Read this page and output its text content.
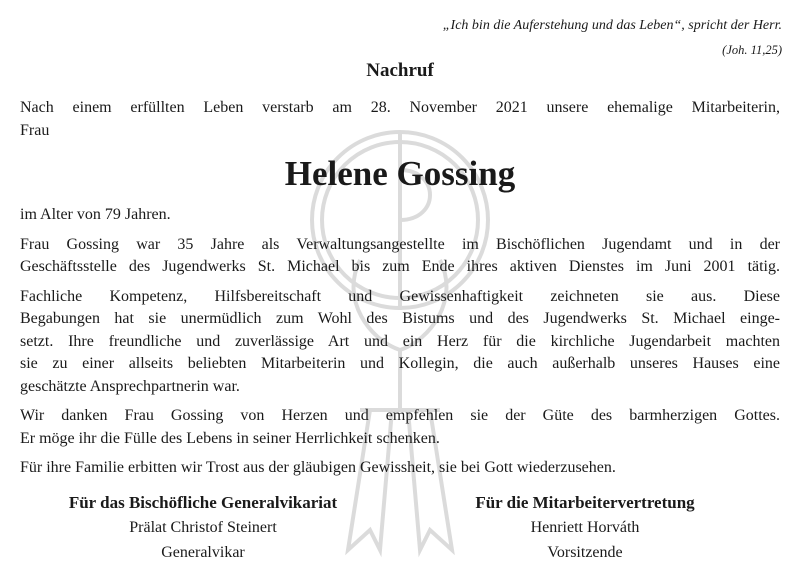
„Ich bin die Auferstehung und das Leben“, spricht der Herr.
(Joh. 11,25)
Nachruf
Nach einem erfüllten Leben verstarb am 28. November 2021 unsere ehemalige Mitarbeiterin,
Frau
Helene Gossing
im Alter von 79 Jahren.
Frau Gossing war 35 Jahre als Verwaltungsangestellte im Bischöflichen Jugendamt und in der
Geschäftsstelle des Jugendwerks St. Michael bis zum Ende ihres aktiven Dienstes im Juni 2001 tätig.
Fachliche Kompetenz, Hilfsbereitschaft und Gewissenhaftigkeit zeichneten sie aus. Diese
Begabungen hat sie unermüdlich zum Wohl des Bistums und des Jugendwerks St. Michael einge-
setzt. Ihre freundliche und zuverlässige Art und ein Herz für die kirchliche Jugendarbeit machten
sie zu einer allseits beliebten Mitarbeiterin und Kollegin, die auch außerhalb unseres Hauses eine
geschätzte Ansprechpartnerin war.
Wir danken Frau Gossing von Herzen und empfehlen sie der Güte des barmherzigen Gottes.
Er möge ihr die Fülle des Lebens in seiner Herrlichkeit schenken.
Für ihre Familie erbitten wir Trost aus der gläubigen Gewissheit, sie bei Gott wiederzusehen.
Für das Bischöfliche Generalvikariat
Prälat Christof Steinert
Generalvikar
Für die Mitarbeitervertretung
Henriett Horváth
Vorsitzende
